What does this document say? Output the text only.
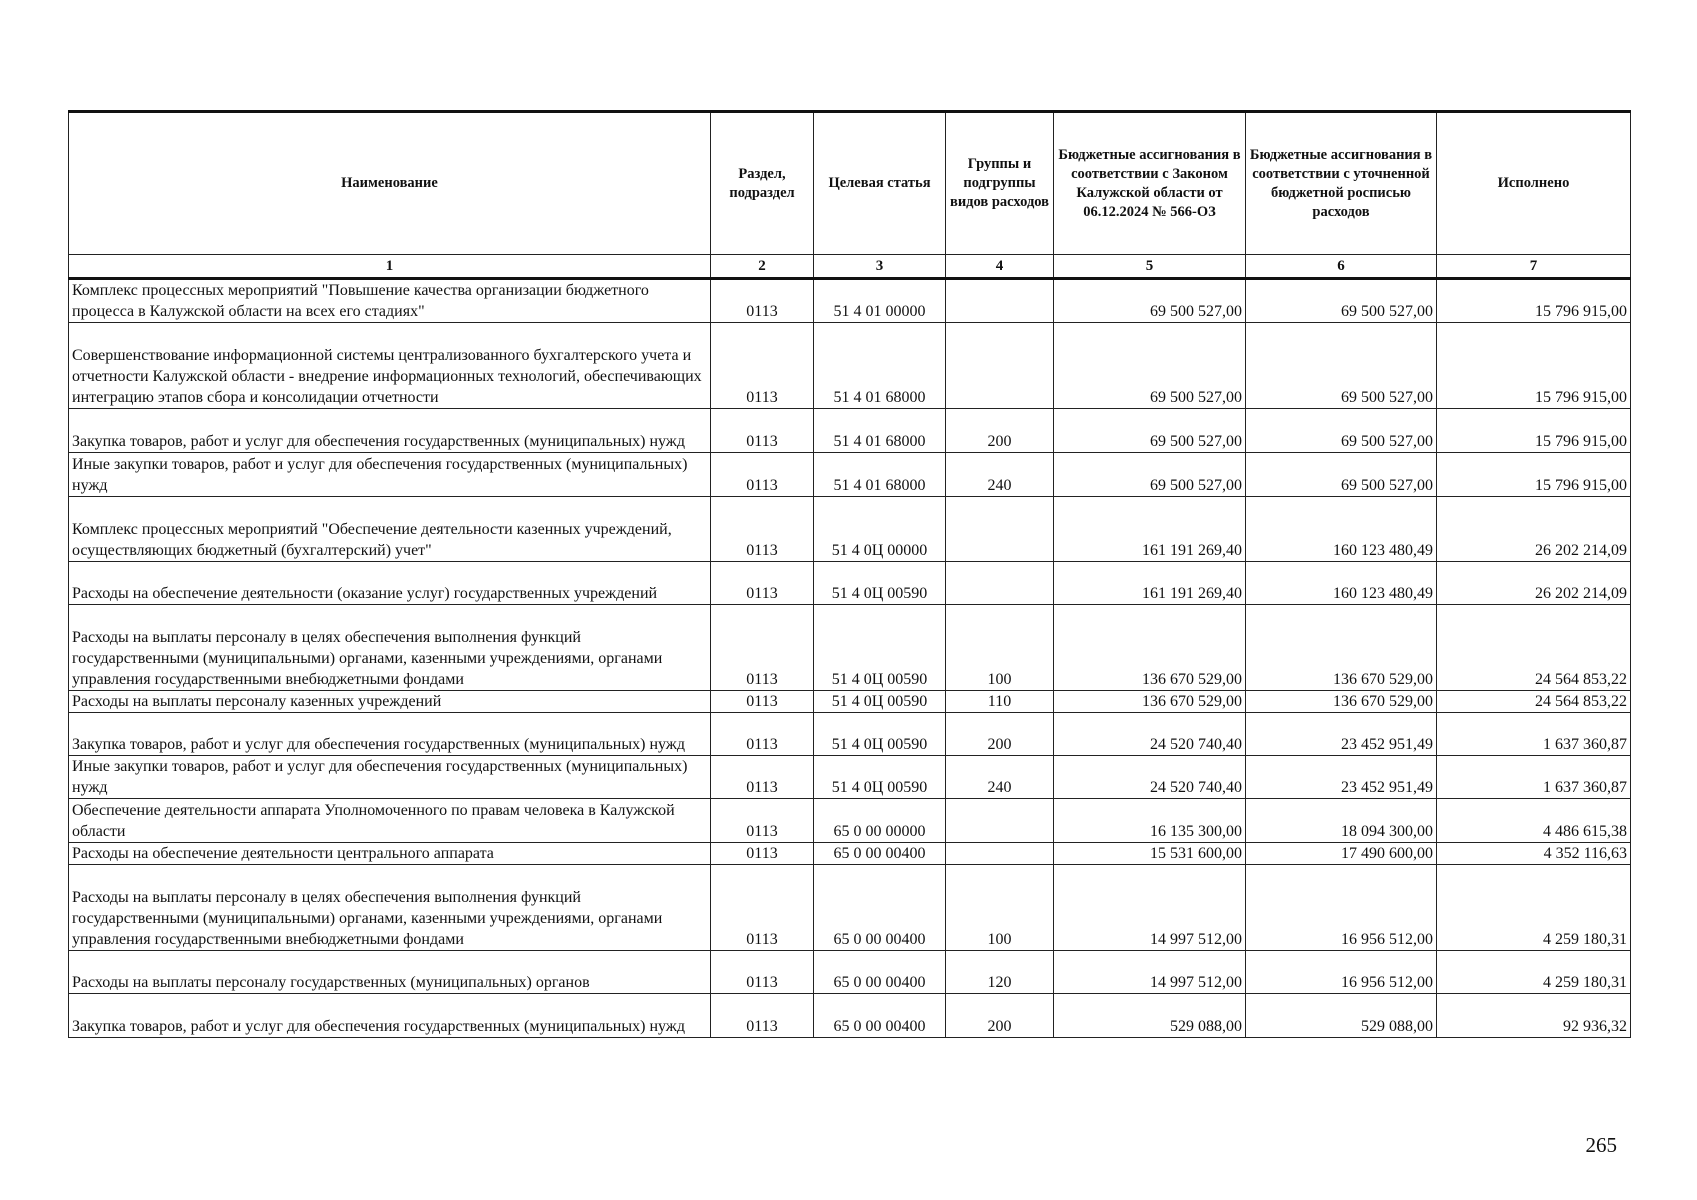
Наименование	Раздел, подраздел	Целевая статья	Группы и подгруппы видов расходов	Бюджетные ассигнования в соответствии с Законом Калужской области от 06.12.2024 № 566-ОЗ	Бюджетные ассигнования в соответствии с уточненной бюджетной росписью расходов	Исполнено
1	2	3	4	5	6	7
Комплекс процессных мероприятий "Повышение качества организации бюджетного процесса в Калужской области на всех его стадиях"	0113	51 4 01 00000		69 500 527,00	69 500 527,00	15 796 915,00
Совершенствование информационной системы централизованного бухгалтерского учета и отчетности Калужской области - внедрение информационных технологий, обеспечивающих интеграцию этапов сбора и консолидации отчетности	0113	51 4 01 68000		69 500 527,00	69 500 527,00	15 796 915,00
Закупка товаров, работ и услуг для обеспечения государственных (муниципальных) нужд	0113	51 4 01 68000	200	69 500 527,00	69 500 527,00	15 796 915,00
Иные закупки товаров, работ и услуг для обеспечения государственных (муниципальных) нужд	0113	51 4 01 68000	240	69 500 527,00	69 500 527,00	15 796 915,00
Комплекс процессных мероприятий "Обеспечение деятельности казенных учреждений, осуществляющих бюджетный (бухгалтерский) учет"	0113	51 4 0Ц 00000		161 191 269,40	160 123 480,49	26 202 214,09
Расходы на обеспечение деятельности (оказание услуг) государственных учреждений	0113	51 4 0Ц 00590		161 191 269,40	160 123 480,49	26 202 214,09
Расходы на выплаты персоналу в целях обеспечения выполнения функций государственными (муниципальными) органами, казенными учреждениями, органами управления государственными внебюджетными фондами	0113	51 4 0Ц 00590	100	136 670 529,00	136 670 529,00	24 564 853,22
Расходы на выплаты персоналу казенных учреждений	0113	51 4 0Ц 00590	110	136 670 529,00	136 670 529,00	24 564 853,22
Закупка товаров, работ и услуг для обеспечения государственных (муниципальных) нужд	0113	51 4 0Ц 00590	200	24 520 740,40	23 452 951,49	1 637 360,87
Иные закупки товаров, работ и услуг для обеспечения государственных (муниципальных) нужд	0113	51 4 0Ц 00590	240	24 520 740,40	23 452 951,49	1 637 360,87
Обеспечение деятельности аппарата Уполномоченного по правам человека в Калужской области	0113	65 0 00 00000		16 135 300,00	18 094 300,00	4 486 615,38
Расходы на обеспечение деятельности центрального аппарата	0113	65 0 00 00400		15 531 600,00	17 490 600,00	4 352 116,63
Расходы на выплаты персоналу в целях обеспечения выполнения функций государственными (муниципальными) органами, казенными учреждениями, органами управления государственными внебюджетными фондами	0113	65 0 00 00400	100	14 997 512,00	16 956 512,00	4 259 180,31
Расходы на выплаты персоналу государственных (муниципальных) органов	0113	65 0 00 00400	120	14 997 512,00	16 956 512,00	4 259 180,31
Закупка товаров, работ и услуг для обеспечения государственных (муниципальных) нужд	0113	65 0 00 00400	200	529 088,00	529 088,00	92 936,32
265
